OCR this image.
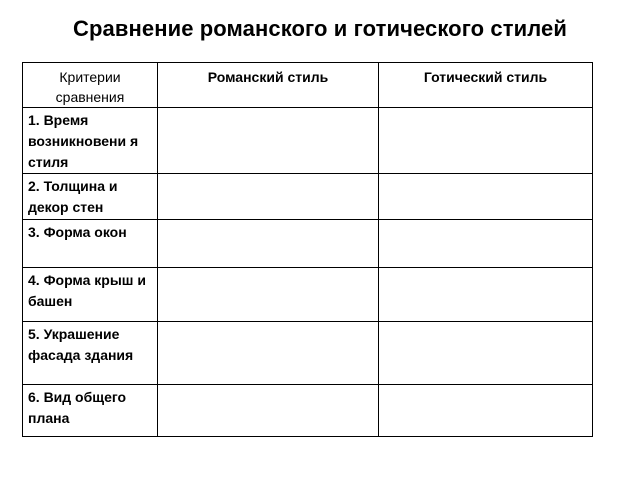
Сравнение романского и готического стилей
Критерии сравнения	Романский стиль	Готический стиль
1. Время возникновени я стиля		
2. Толщина и декор стен		
3. Форма окон		
4. Форма крыш и башен		
5. Украшение фасада здания		
6. Вид общего плана		
